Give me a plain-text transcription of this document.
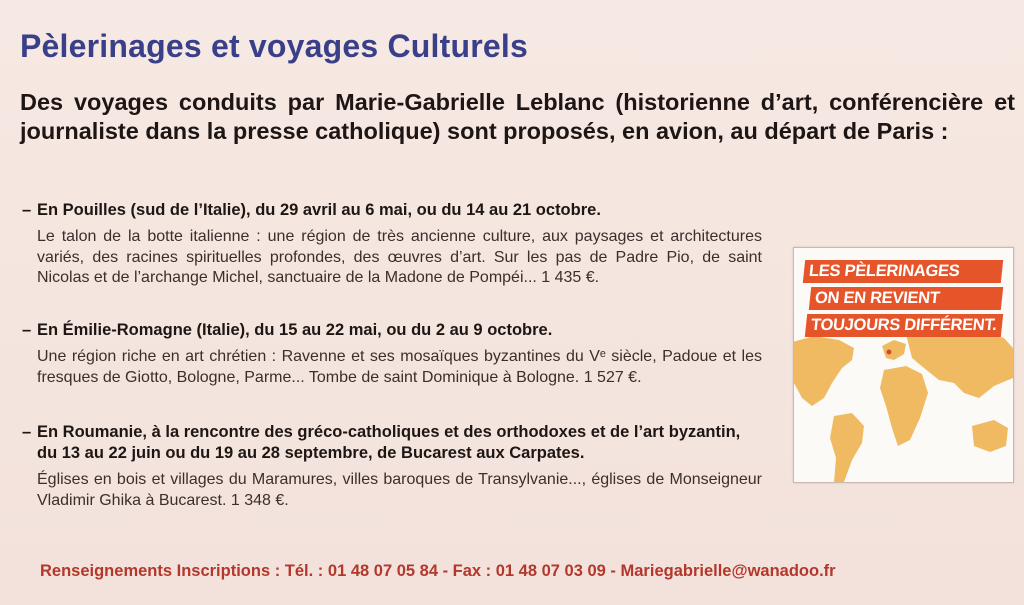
Pèlerinages et voyages Culturels

Des voyages conduits par Marie-Gabrielle Leblanc (historienne d’art, conférencière et journaliste dans la presse catholique) sont proposés, en avion, au départ de Paris :

– En Pouilles (sud de l’Italie), du 29 avril au 6 mai, ou du 14 au 21 octobre.

Le talon de la botte italienne : une région de très ancienne culture, aux paysages et architectures variés, des racines spirituelles profondes, des œuvres d’art. Sur les pas de Padre Pio, de saint Nicolas et de l’archange Michel, sanctuaire de la Madone de Pompéi... 1 435 €.

– En Émilie-Romagne (Italie), du 15 au 22 mai, ou du 2 au 9 octobre.

Une région riche en art chrétien : Ravenne et ses mosaïques byzantines du Vᵉ siècle, Padoue et les fresques de Giotto, Bologne, Parme... Tombe de saint Dominique à Bologne. 1 527 €.

– En Roumanie, à la rencontre des gréco-catholiques et des orthodoxes et de l’art byzantin, du 13 au 22 juin ou du 19 au 28 septembre, de Bucarest aux Carpates.

Églises en bois et villages du Maramures, villes baroques de Transylvanie..., églises de Monseigneur Vladimir Ghika à Bucarest. 1 348 €.

LES PÈLERINAGES
ON EN REVIENT
TOUJOURS DIFFÉRENT.

Renseignements Inscriptions : Tél. : 01 48 07 05 84 - Fax : 01 48 07 03 09 - Mariegabrielle@wanadoo.fr
